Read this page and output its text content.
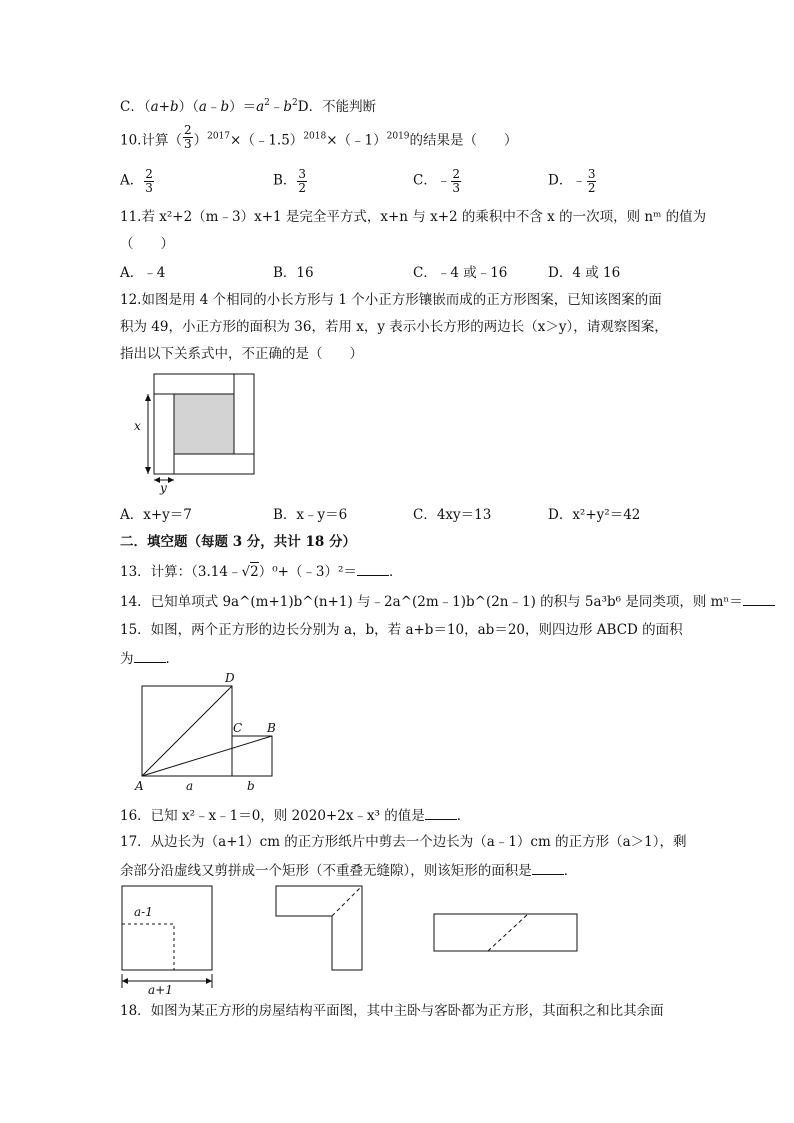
C．$(a+b)(a﹣b)=a^2﹣b^2D$．不能判断
10.计算（ $\frac{2}{3}$ ）$^{2017}$×（﹣1.5）$^{2018}$×（﹣1）$^{2019}$的结果是（　　）
A． $\frac{2}{3}$	B． $\frac{3}{2}$	C．﹣ $\frac{2}{3}$	D．﹣ $\frac{3}{2}$
11.若 x²+2（m﹣3）x+1 是完全平方式，x+n 与 x+2 的乘积中不含 x 的一次项，则 nᵐ 的值为
（　　）
A．﹣4	B．16	C．﹣4 或﹣16	D．4 或 16
12.如图是用 4 个相同的小长方形与 1 个小正方形镶嵌而成的正方形图案，已知该图案的面
积为 49，小正方形的面积为 36，若用 x，y 表示小长方形的两边长（x＞y），请观察图案，
指出以下关系式中，不正确的是（　　）
x
y
A．x+y＝7	B．x﹣y＝6	C．4xy＝13	D．x²+y²＝42
二．填空题（每题 3 分，共计 18 分）
13．计算：（3.14﹣√2）⁰+（﹣3）²＝ ．
14．已知单项式 9a^(m+1)b^(n+1) 与﹣2a^(2m﹣1)b^(2n﹣1) 的积与 5a³b⁶ 是同类项，则 mⁿ＝
15．如图，两个正方形的边长分别为 a，b，若 a+b＝10，ab＝20，则四边形 ABCD 的面积
为 ．
D
C B
A	a	b
16．已知 x²﹣x﹣1＝0，则 2020+2x﹣x³ 的值是 ．
17．从边长为（a+1）cm 的正方形纸片中剪去一个边长为（a﹣1）cm 的正方形（a＞1），剩
余部分沿虚线又剪拼成一个矩形（不重叠无缝隙），则该矩形的面积是 ．
a-1
a+1
18．如图为某正方形的房屋结构平面图，其中主卧与客卧都为正方形，其面积之和比其余面
